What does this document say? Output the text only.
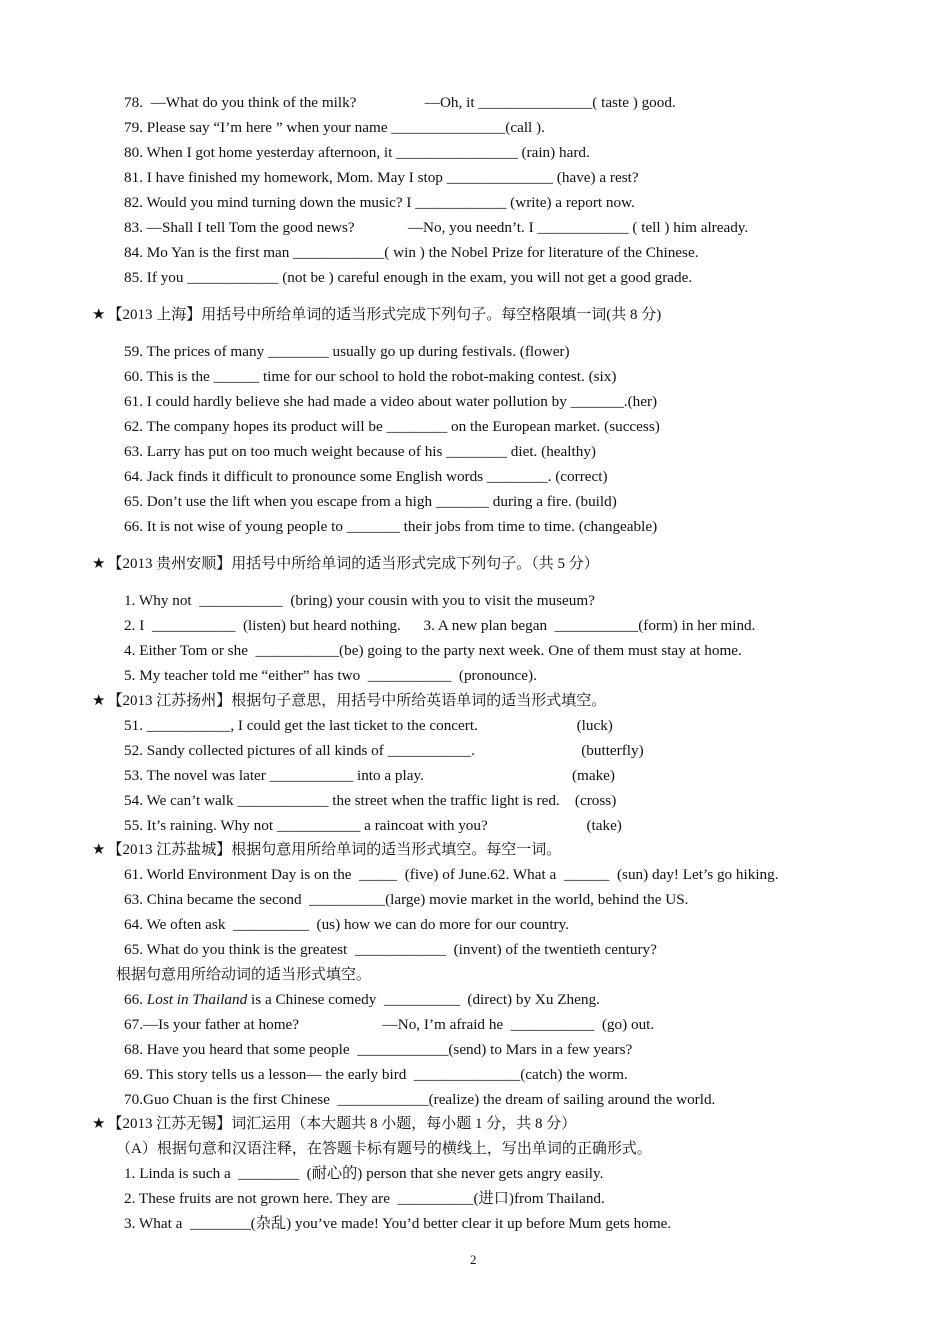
78.  —What do you think of the milk?                  —Oh, it _______________( taste ) good.
79. Please say “I’m here ” when your name _______________(call ).
80. When I got home yesterday afternoon, it ________________ (rain) hard.
81. I have finished my homework, Mom. May I stop ______________ (have) a rest?
82. Would you mind turning down the music? I ____________ (write) a report now.
83. —Shall I tell Tom the good news?              —No, you needn’t. I ____________ ( tell ) him already.
84. Mo Yan is the first man ____________( win ) the Nobel Prize for literature of the Chinese.
85. If you ____________ (not be ) careful enough in the exam, you will not get a good grade.
★ 【2013 上海】用括号中所给单词的适当形式完成下列句子。每空格限填一词(共 8 分)
59. The prices of many ________ usually go up during festivals. (flower)
60. This is the ______ time for our school to hold the robot-making contest. (six)
61. I could hardly believe she had made a video about water pollution by _______.(her)
62. The company hopes its product will be ________ on the European market. (success)
63. Larry has put on too much weight because of his ________ diet. (healthy)
64. Jack finds it difficult to pronounce some English words ________. (correct)
65. Don’t use the lift when you escape from a high _______ during a fire. (build)
66. It is not wise of young people to _______ their jobs from time to time. (changeable)
★ 【2013 贵州安顺】用括号中所给单词的适当形式完成下列句子。（共 5 分）
1. Why not  ___________  (bring) your cousin with you to visit the museum?
2. I  ___________  (listen) but heard nothing.      3. A new plan began  ___________(form) in her mind.
4. Either Tom or she  ___________(be) going to the party next week. One of them must stay at home.
5. My teacher told me “either” has two  ___________  (pronounce).
★ 【2013 江苏扬州】根据句子意思，用括号中所给英语单词的适当形式填空。
51. ___________, I could get the last ticket to the concert.                          (luck)
52. Sandy collected pictures of all kinds of ___________.                            (butterfly)
53. The novel was later ___________ into a play.                                       (make)
54. We can’t walk ____________ the street when the traffic light is red.    (cross)
55. It’s raining. Why not ___________ a raincoat with you?                          (take)
★ 【2013 江苏盐城】根据句意用所给单词的适当形式填空。每空一词。
61. World Environment Day is on the  _____  (five) of June.62. What a  ______  (sun) day! Let’s go hiking.
63. China became the second  __________(large) movie market in the world, behind the US.
64. We often ask  __________  (us) how we can do more for our country.
65. What do you think is the greatest  ____________  (invent) of the twentieth century?
根据句意用所给动词的适当形式填空。
66. Lost in Thailand is a Chinese comedy  __________  (direct) by Xu Zheng.
67.—Is your father at home?                      —No, I’m afraid he  ___________  (go) out.
68. Have you heard that some people  ____________(send) to Mars in a few years?
69. This story tells us a lesson— the early bird  ______________(catch) the worm.
70.Guo Chuan is the first Chinese  ____________(realize) the dream of sailing around the world.
★ 【2013 江苏无锡】词汇运用（本大题共 8 小题，每小题 1 分，共 8 分）
（A）根据句意和汉语注释，在答题卡标有题号的横线上，写出单词的正确形式。
1. Linda is such a  ________  (耐心的) person that she never gets angry easily.
2. These fruits are not grown here. They are  __________(进口)from Thailand.
3. What a  ________(杂乱) you’ve made! You’d better clear it up before Mum gets home.
2
